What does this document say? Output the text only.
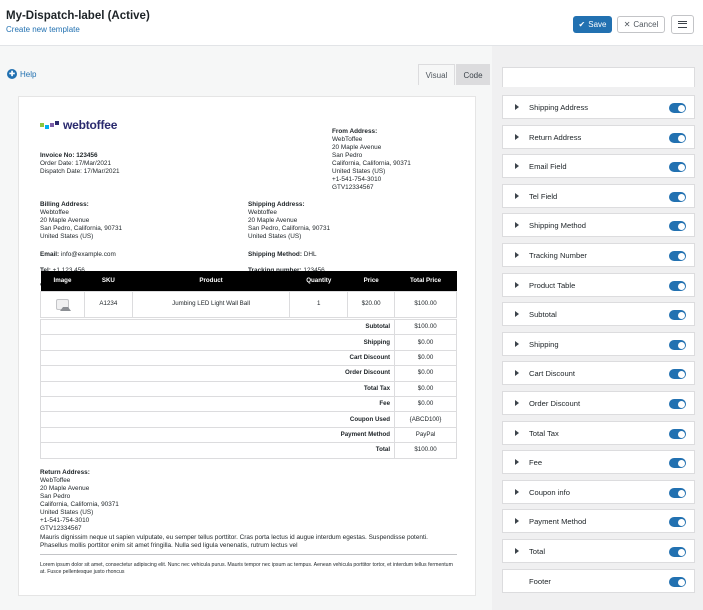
My-Dispatch-label (Active)
Create new template
✔ Save ✕ Cancel
✚ Help	Visual	Code
webtoffee	From Address:

WebToffee
20 Maple Avenue
San Pedro
California, California, 90371
United States (US)
+1-541-754-3010
GTV12334567

Invoice No: 123456

Order Date: 17/Mar/2021
Dispatch Date: 17/Mar/2021

Billing Address:

Webtoffee
20 Maple Avenue
San Pedro, California, 90731
United States (US)

Email: info@example.com

Shipping Address:

Webtoffee
20 Maple Avenue
San Pedro, California, 90731
United States (US)

Shipping Method: DHL

Image	SKU	Product	Quantity	Price	Total Price
	A1234	Jumbing LED Light Wall Ball	1	$20.00	$100.00
Subtotal	$100.00
Shipping	$0.00
Cart Discount	$0.00
Order Discount	$0.00
Total Tax	$0.00
Fee	$0.00
Coupon Used	{ABCD100}
Payment Method	PayPal
Total	$100.00

Return Address:

WebToffee
20 Maple Avenue
San Pedro
California, California, 90371
United States (US)
+1-541-754-3010
GTV12334567

Mauris dignissim neque ut sapien vulputate, eu semper tellus porttitor. Cras porta lectus id augue interdum egestas. Suspendisse potenti. Phasellus mollis porttitor enim sit amet fringilla. Nulla sed ligula venenatis, rutrum lectus vel
Lorem ipsum dolor sit amet, consectetur adipiscing elit. Nunc nec vehicula purus. Mauris tempor nec ipsum ac tempus. Aenean vehicula porttitor tortor, et interdum tellus fermentum at. Fusce pellentesque justo rhoncus
Shipping Address
Return Address
Email Field
Tel Field
Shipping Method
Tracking Number
Product Table
Subtotal
Shipping
Cart Discount
Order Discount
Total Tax
Fee
Coupon info
Payment Method
Total
Footer
